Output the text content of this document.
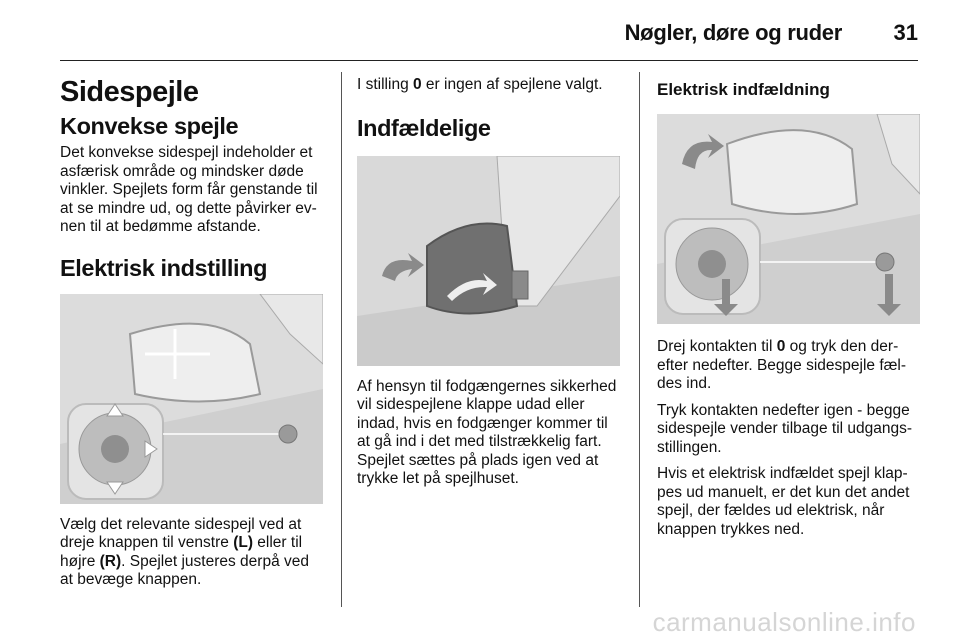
Nøgler, døre og ruder 31
Sidespejle
Konvekse spejle

Det konvekse sidespejl indeholder et asfærisk område og mindsker døde vinkler. Spejlets form får genstande til at se mindre ud, og dette påvirker ev- nen til at bedømme afstande.

Elektrisk indstilling

Vælg det relevante sidespejl ved at dreje knappen til venstre (L) eller til højre (R). Spejlet justeres derpå ved at bevæge knappen.

I stilling 0 er ingen af spejlene valgt.

Indfældelige

Af hensyn til fodgængernes sikkerhed vil sidespejlene klappe udad eller indad, hvis en fodgænger kommer til at gå ind i det med tilstrækkelig fart. Spejlet sættes på plads igen ved at trykke let på spejlhuset.

Elektrisk indfældning

Drej kontakten til 0 og tryk den der- efter nedefter. Begge sidespejle fæl- des ind.

Tryk kontakten nedefter igen - begge sidespejle vender tilbage til udgangs- stillingen.

Hvis et elektrisk indfældet spejl klap- pes ud manuelt, er det kun det andet spejl, der fældes ud elektrisk, når knappen trykkes ned.

carmanualsonline.info
